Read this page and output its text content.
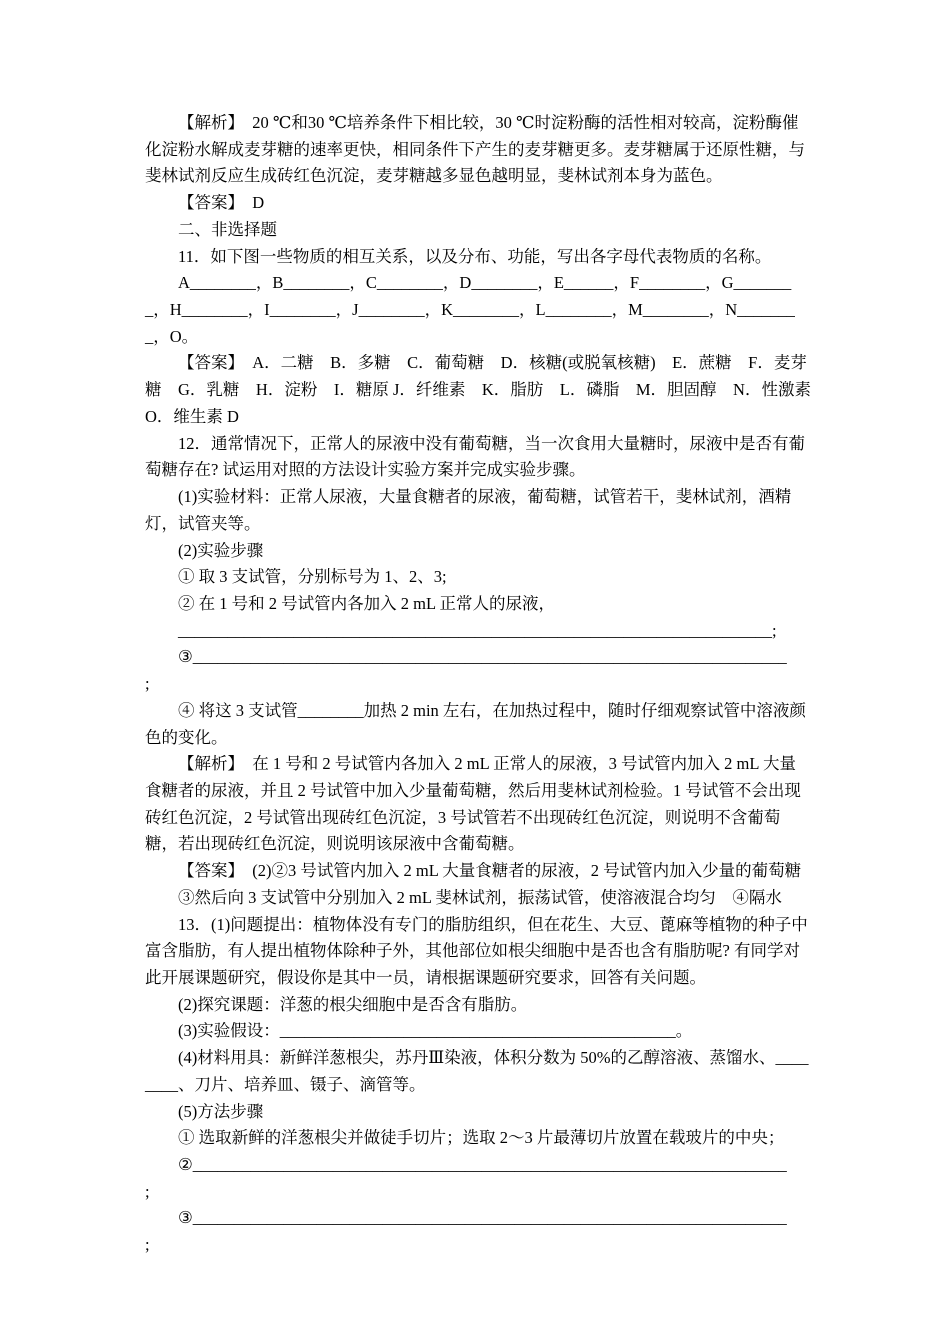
【解析】　20 ℃和30 ℃培养条件下相比较，30 ℃时淀粉酶的活性相对较高，淀粉酶催化淀粉水解成麦芽糖的速率更快，相同条件下产生的麦芽糖更多。麦芽糖属于还原性糖，与斐林试剂反应生成砖红色沉淀，麦芽糖越多显色越明显，斐林试剂本身为蓝色。

【答案】　D

二、非选择题

11．如下图一些物质的相互关系，以及分布、功能，写出各字母代表物质的名称。

A________，B________，C________，D________，E______，F________，G________，H________，I________，J________，K________，L________，M________，N________，O。

【答案】　A．二糖　B．多糖　C．葡萄糖　D．核糖(或脱氧核糖)　E．蔗糖　F．麦芽糖　G．乳糖　H．淀粉　I．糖原 J．纤维素　K．脂肪　L．磷脂　M．胆固醇　N．性激素　O．维生素 D

12．通常情况下，正常人的尿液中没有葡萄糖，当一次食用大量糖时，尿液中是否有葡萄糖存在? 试运用对照的方法设计实验方案并完成实验步骤。

(1)实验材料：正常人尿液，大量食糖者的尿液，葡萄糖，试管若干，斐林试剂，酒精灯，试管夹等。

(2)实验步骤

① 取 3 支试管，分别标号为 1、2、3;

② 在 1 号和 2 号试管内各加入 2 mL 正常人的尿液，

________________________________________________________________________;

③________________________________________________________________________

;

④ 将这 3 支试管________加热 2 min 左右，在加热过程中，随时仔细观察试管中溶液颜色的变化。

【解析】　在 1 号和 2 号试管内各加入 2 mL 正常人的尿液，3 号试管内加入 2 mL 大量食糖者的尿液，并且 2 号试管中加入少量葡萄糖，然后用斐林试剂检验。1 号试管不会出现砖红色沉淀，2 号试管出现砖红色沉淀，3 号试管若不出现砖红色沉淀，则说明不含葡萄糖，若出现砖红色沉淀，则说明该尿液中含葡萄糖。

【答案】　(2)②3 号试管内加入 2 mL 大量食糖者的尿液，2 号试管内加入少量的葡萄糖

③然后向 3 支试管中分别加入 2 mL 斐林试剂，振荡试管，使溶液混合均匀　④隔水

13．(1)问题提出：植物体没有专门的脂肪组织，但在花生、大豆、蓖麻等植物的种子中富含脂肪，有人提出植物体除种子外，其他部位如根尖细胞中是否也含有脂肪呢? 有同学对此开展课题研究，假设你是其中一员，请根据课题研究要求，回答有关问题。

(2)探究课题：洋葱的根尖细胞中是否含有脂肪。

(3)实验假设：________________________________________________。

(4)材料用具：新鲜洋葱根尖，苏丹Ⅲ染液，体积分数为 50%的乙醇溶液、蒸馏水、________、刀片、培养皿、镊子、滴管等。

(5)方法步骤

① 选取新鲜的洋葱根尖并做徒手切片；选取 2～3 片最薄切片放置在载玻片的中央；

②________________________________________________________________________

;

③________________________________________________________________________

;
